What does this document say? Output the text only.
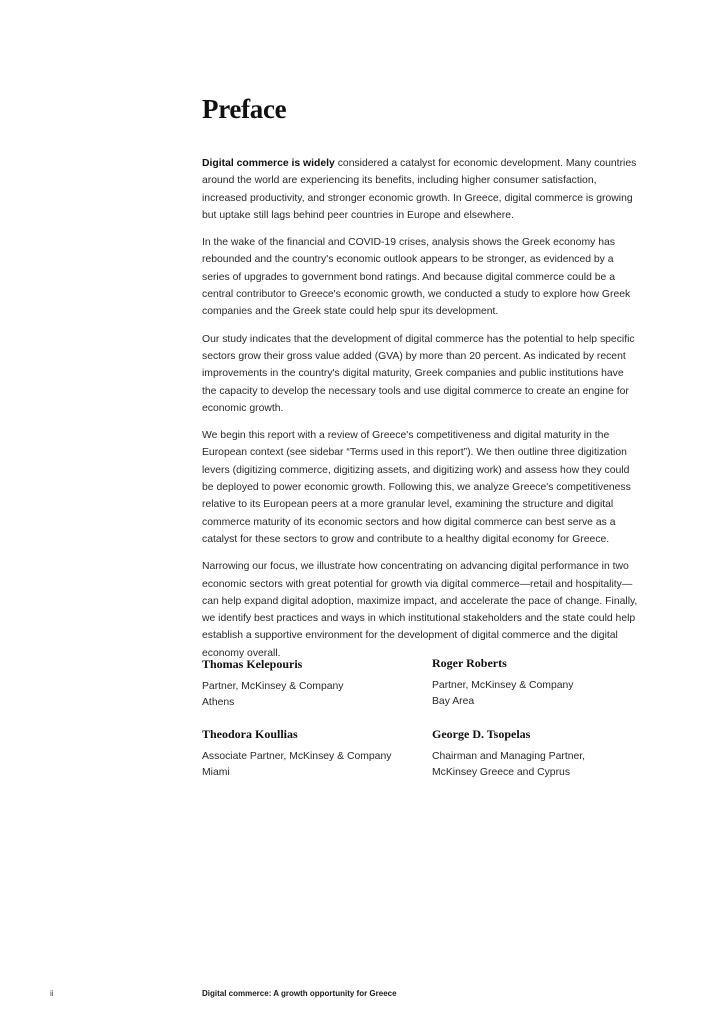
Preface

Digital commerce is widely considered a catalyst for economic development. Many countries around the world are experiencing its benefits, including higher consumer satisfaction, increased productivity, and stronger economic growth. In Greece, digital commerce is growing but uptake still lags behind peer countries in Europe and elsewhere.

In the wake of the financial and COVID-19 crises, analysis shows the Greek economy has rebounded and the country's economic outlook appears to be stronger, as evidenced by a series of upgrades to government bond ratings. And because digital commerce could be a central contributor to Greece's economic growth, we conducted a study to explore how Greek companies and the Greek state could help spur its development.

Our study indicates that the development of digital commerce has the potential to help specific sectors grow their gross value added (GVA) by more than 20 percent. As indicated by recent improvements in the country's digital maturity, Greek companies and public institutions have the capacity to develop the necessary tools and use digital commerce to create an engine for economic growth.

We begin this report with a review of Greece's competitiveness and digital maturity in the European context (see sidebar “Terms used in this report”). We then outline three digitization levers (digitizing commerce, digitizing assets, and digitizing work) and assess how they could be deployed to power economic growth. Following this, we analyze Greece's competitiveness relative to its European peers at a more granular level, examining the structure and digital commerce maturity of its economic sectors and how digital commerce can best serve as a catalyst for these sectors to grow and contribute to a healthy digital economy for Greece.

Narrowing our focus, we illustrate how concentrating on advancing digital performance in two economic sectors with great potential for growth via digital commerce—retail and hospitality—can help expand digital adoption, maximize impact, and accelerate the pace of change. Finally, we identify best practices and ways in which institutional stakeholders and the state could help establish a supportive environment for the development of digital commerce and the digital economy overall.

Thomas Kelepouris
Partner, McKinsey & Company
Athens
Roger Roberts
Partner, McKinsey & Company
Bay Area
Theodora Koullias
Associate Partner, McKinsey & Company
Miami
George D. Tsopelas
Chairman and Managing Partner,
McKinsey Greece and Cyprus
ii	Digital commerce: A growth opportunity for Greece
